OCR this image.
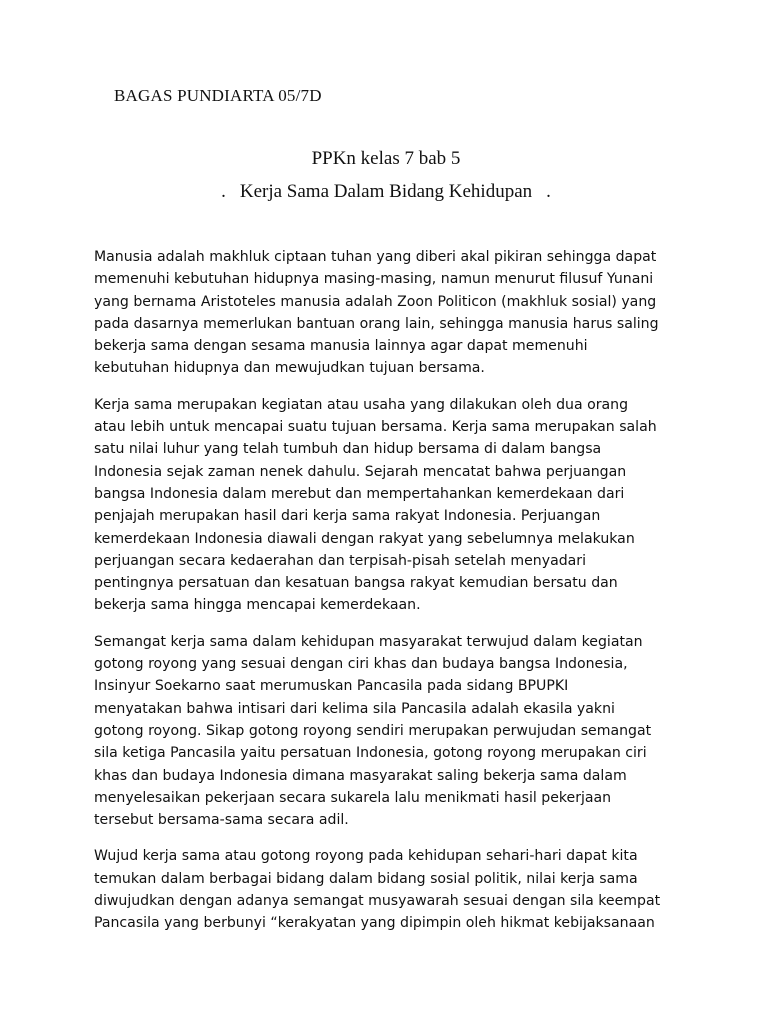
BAGAS PUNDIARTA 05/7D
PPKn kelas 7 bab 5
. Kerja Sama Dalam Bidang Kehidupan .

Manusia adalah makhluk ciptaan tuhan yang diberi akal pikiran sehingga dapat
memenuhi kebutuhan hidupnya masing-masing, namun menurut filusuf Yunani
yang bernama Aristoteles manusia adalah Zoon Politicon (makhluk sosial) yang
pada dasarnya memerlukan bantuan orang lain, sehingga manusia harus saling
bekerja sama dengan sesama manusia lainnya agar dapat memenuhi
kebutuhan hidupnya dan mewujudkan tujuan bersama.

Kerja sama merupakan kegiatan atau usaha yang dilakukan oleh dua orang
atau lebih untuk mencapai suatu tujuan bersama. Kerja sama merupakan salah
satu nilai luhur yang telah tumbuh dan hidup bersama di dalam bangsa
Indonesia sejak zaman nenek dahulu. Sejarah mencatat bahwa perjuangan
bangsa Indonesia dalam merebut dan mempertahankan kemerdekaan dari
penjajah merupakan hasil dari kerja sama rakyat Indonesia. Perjuangan
kemerdekaan Indonesia diawali dengan rakyat yang sebelumnya melakukan
perjuangan secara kedaerahan dan terpisah-pisah setelah menyadari
pentingnya persatuan dan kesatuan bangsa rakyat kemudian bersatu dan
bekerja sama hingga mencapai kemerdekaan.

Semangat kerja sama dalam kehidupan masyarakat terwujud dalam kegiatan
gotong royong yang sesuai dengan ciri khas dan budaya bangsa Indonesia,
Insinyur Soekarno saat merumuskan Pancasila pada sidang BPUPKI
menyatakan bahwa intisari dari kelima sila Pancasila adalah ekasila yakni
gotong royong. Sikap gotong royong sendiri merupakan perwujudan semangat
sila ketiga Pancasila yaitu persatuan Indonesia, gotong royong merupakan ciri
khas dan budaya Indonesia dimana masyarakat saling bekerja sama dalam
menyelesaikan pekerjaan secara sukarela lalu menikmati hasil pekerjaan
tersebut bersama-sama secara adil.

Wujud kerja sama atau gotong royong pada kehidupan sehari-hari dapat kita
temukan dalam berbagai bidang dalam bidang sosial politik, nilai kerja sama
diwujudkan dengan adanya semangat musyawarah sesuai dengan sila keempat
Pancasila yang berbunyi “kerakyatan yang dipimpin oleh hikmat kebijaksanaan
